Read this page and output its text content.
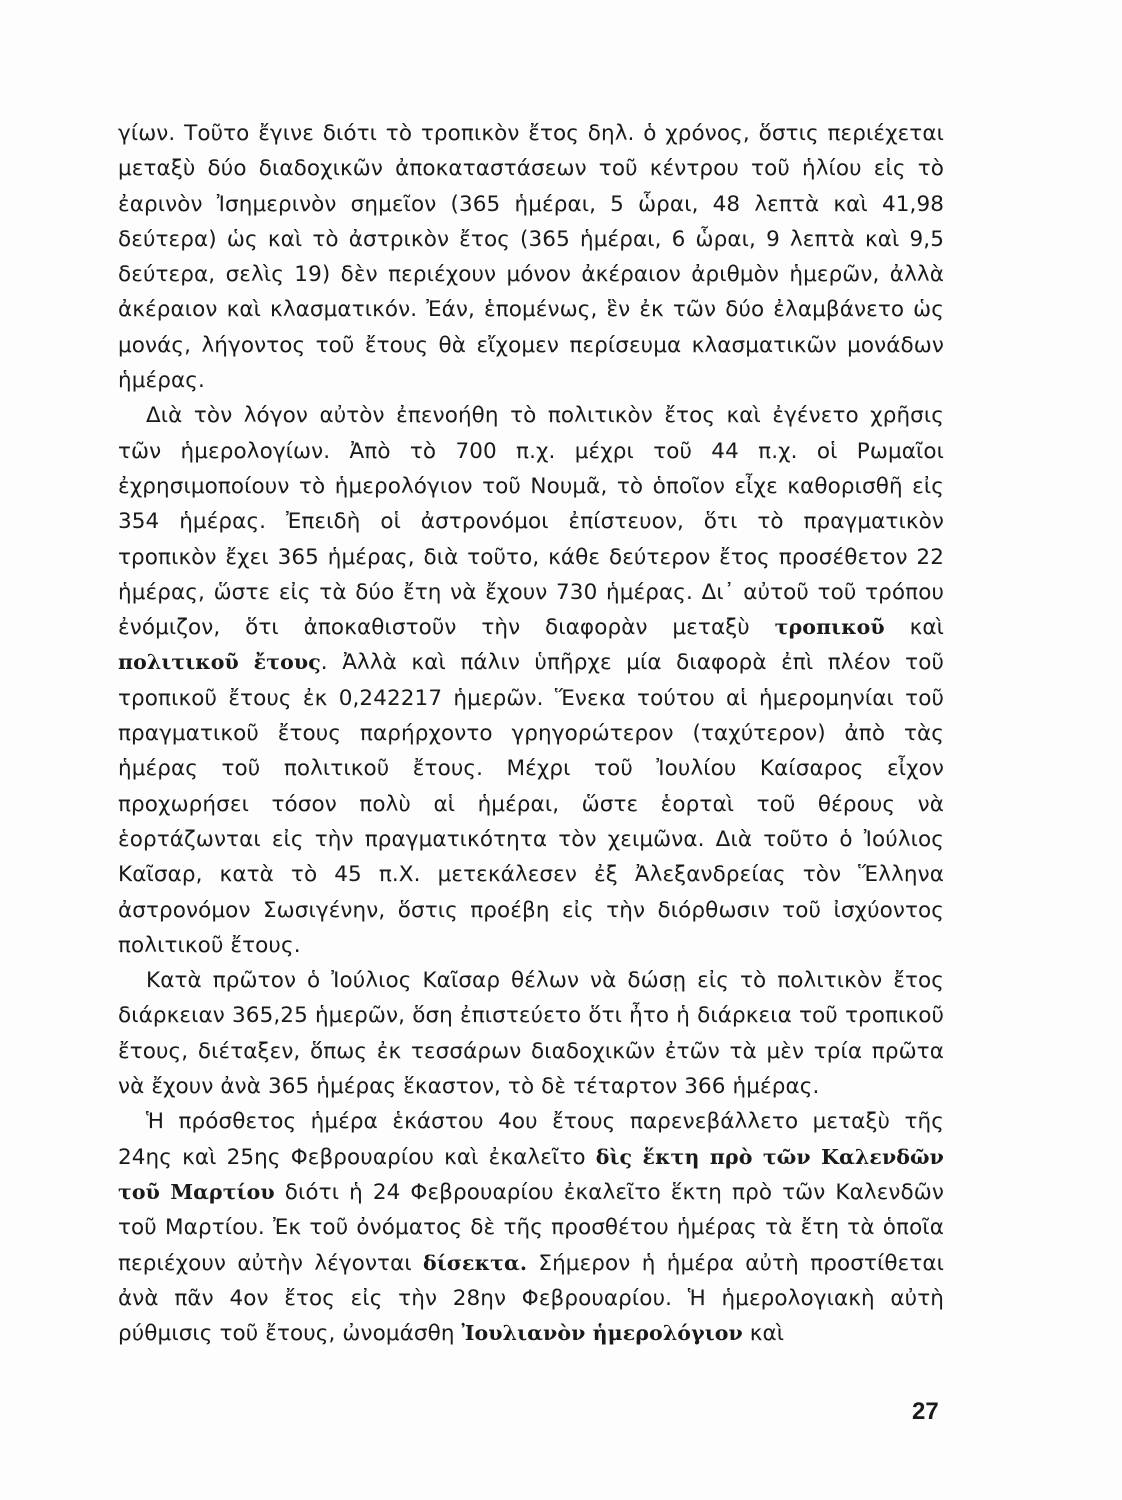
γίων. Τοῦτο ἔγινε διότι τὸ τροπικὸν ἔτος δηλ. ὁ χρόνος, ὅστις περιέχεται μεταξὺ δύο διαδοχικῶν ἀποκαταστάσεων τοῦ κέντρου τοῦ ἡλίου εἰς τὸ ἐαρινὸν Ἰσημερινὸν σημεῖον (365 ἡμέραι, 5 ὧραι, 48 λεπτὰ καὶ 41,98 δεύτερα) ὡς καὶ τὸ ἀστρικὸν ἔτος (365 ἡμέραι, 6 ὧραι, 9 λεπτὰ καὶ 9,5 δεύτερα, σελὶς 19) δὲν περιέχουν μόνον ἀκέραιον ἀριθμὸν ἡμερῶν, ἀλλὰ ἀκέραιον καὶ κλασματικόν. Ἐάν, ἑπομένως, ἓν ἐκ τῶν δύο ἐλαμβάνετο ὡς μονάς, λήγοντος τοῦ ἔτους θὰ εἴχομεν περίσευμα κλασματικῶν μονάδων ἡμέρας.

Διὰ τὸν λόγον αὐτὸν ἐπενοήθη τὸ πολιτικὸν ἔτος καὶ ἐγένετο χρῆσις τῶν ἡμερολογίων. Ἀπὸ τὸ 700 π.χ. μέχρι τοῦ 44 π.χ. οἱ Ρωμαῖοι ἐχρησιμοποίουν τὸ ἡμερολόγιον τοῦ Νουμᾶ, τὸ ὁποῖον εἶχε καθορισθῆ εἰς 354 ἡμέρας. Ἐπειδὴ οἱ ἀστρονόμοι ἐπίστευον, ὅτι τὸ πραγματικὸν τροπικὸν ἔχει 365 ἡμέρας, διὰ τοῦτο, κάθε δεύτερον ἔτος προσέθετον 22 ἡμέρας, ὥστε εἰς τὰ δύο ἔτη νὰ ἔχουν 730 ἡμέρας. Δι᾿ αὐτοῦ τοῦ τρόπου ἐνόμιζον, ὅτι ἀποκαθιστοῦν τὴν διαφορὰν μεταξὺ τροπικοῦ καὶ πολιτικοῦ ἔτους. Ἀλλὰ καὶ πάλιν ὑπῆρχε μία διαφορὰ ἐπὶ πλέον τοῦ τροπικοῦ ἔτους ἐκ 0,242217 ἡμερῶν. Ἕνεκα τούτου αἱ ἡμερομηνίαι τοῦ πραγματικοῦ ἔτους παρήρχοντο γρηγορώτερον (ταχύτερον) ἀπὸ τὰς ἡμέρας τοῦ πολιτικοῦ ἔτους. Μέχρι τοῦ Ἰουλίου Καίσαρος εἶχον προχωρήσει τόσον πολὺ αἱ ἡμέραι, ὥστε ἑορταὶ τοῦ θέρους νὰ ἑορτάζωνται εἰς τὴν πραγματικότητα τὸν χειμῶνα. Διὰ τοῦτο ὁ Ἰούλιος Καῖσαρ, κατὰ τὸ 45 π.Χ. μετεκάλεσεν ἐξ Ἀλεξανδρείας τὸν Ἕλληνα ἀστρονόμον Σωσιγένην, ὅστις προέβη εἰς τὴν διόρθωσιν τοῦ ἰσχύοντος πολιτικοῦ ἔτους.

Κατὰ πρῶτον ὁ Ἰούλιος Καῖσαρ θέλων νὰ δώσῃ εἰς τὸ πολιτικὸν ἔτος διάρκειαν 365,25 ἡμερῶν, ὅση ἐπιστεύετο ὅτι ἦτο ἡ διάρκεια τοῦ τροπικοῦ ἔτους, διέταξεν, ὅπως ἐκ τεσσάρων διαδοχικῶν ἐτῶν τὰ μὲν τρία πρῶτα νὰ ἔχουν ἀνὰ 365 ἡμέρας ἕκαστον, τὸ δὲ τέταρτον 366 ἡμέρας.

Ἡ πρόσθετος ἡμέρα ἑκάστου 4ου ἔτους παρενεβάλλετο μεταξὺ τῆς 24ης καὶ 25ης Φεβρουαρίου καὶ ἐκαλεῖτο δὶς ἕκτη πρὸ τῶν Καλενδῶν τοῦ Μαρτίου διότι ἡ 24 Φεβρουαρίου ἐκαλεῖτο ἕκτη πρὸ τῶν Καλενδῶν τοῦ Μαρτίου. Ἐκ τοῦ ὀνόματος δὲ τῆς προσθέτου ἡμέρας τὰ ἔτη τὰ ὁποῖα περιέχουν αὐτὴν λέγονται δίσεκτα. Σήμερον ἡ ἡμέρα αὐτὴ προστίθεται ἀνὰ πᾶν 4ον ἔτος εἰς τὴν 28ην Φεβρουαρίου. Ἡ ἡμερολογιακὴ αὐτὴ ρύθμισις τοῦ ἔτους, ὠνομάσθη Ἰουλιανὸν ἡμερολόγιον καὶ

27
